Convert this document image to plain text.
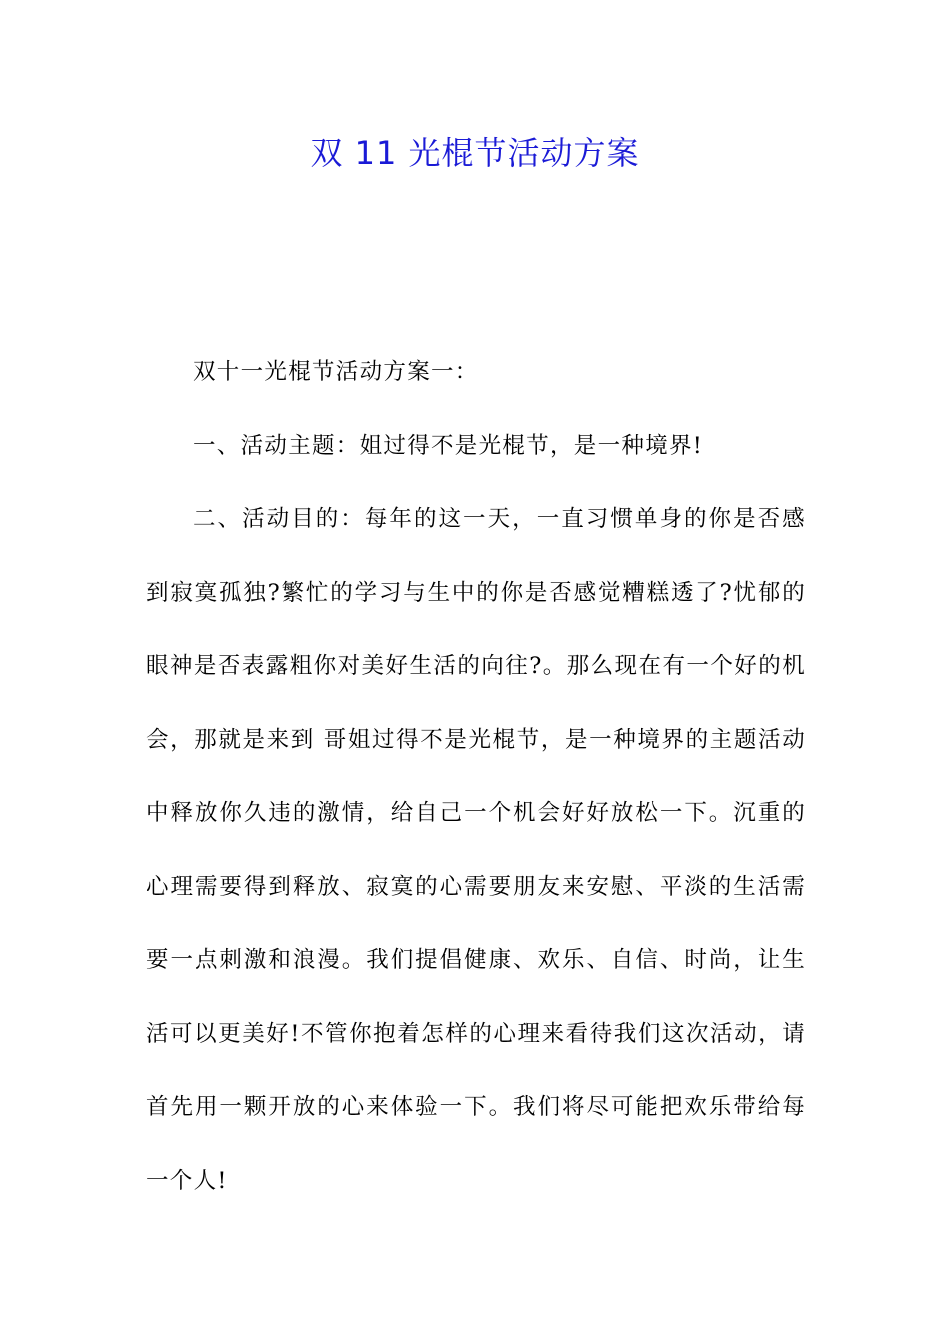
双 11 光棍节活动方案

双十一光棍节活动方案一：

一、活动主题：姐过得不是光棍节，是一种境界!

二、活动目的：每年的这一天，一直习惯单身的你是否感到寂寞孤独?繁忙的学习与生中的你是否感觉糟糕透了?忧郁的眼神是否表露粗你对美好生活的向往?。那么现在有一个好的机会，那就是来到 哥姐过得不是光棍节，是一种境界的主题活动中释放你久违的激情，给自己一个机会好好放松一下。沉重的心理需要得到释放、寂寞的心需要朋友来安慰、平淡的生活需要一点刺激和浪漫。我们提倡健康、欢乐、自信、时尚，让生活可以更美好!不管你抱着怎样的心理来看待我们这次活动，请首先用一颗开放的心来体验一下。我们将尽可能把欢乐带给每一个人!
